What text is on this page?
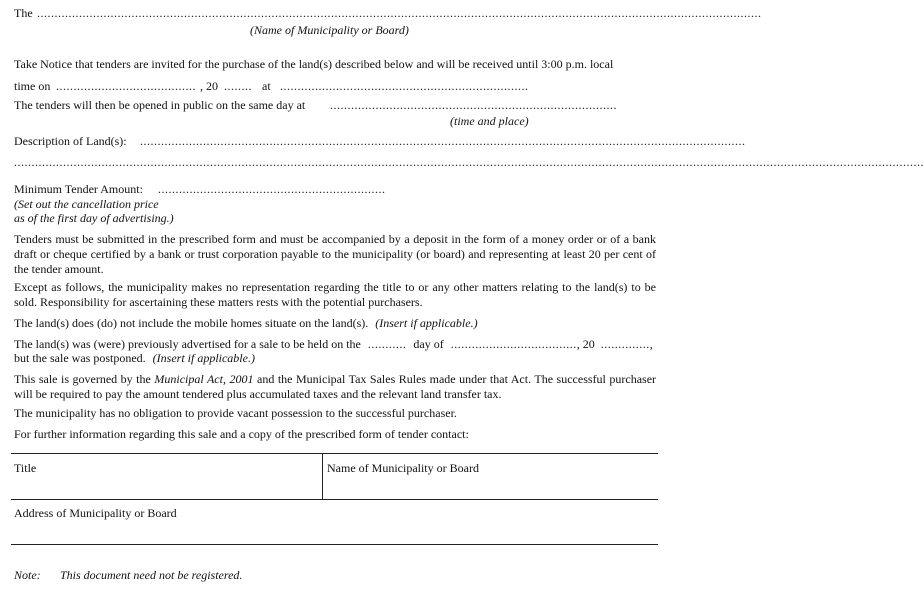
The ...............................................................................................................................................................................................................
(Name of Municipality or Board)
Take Notice that tenders are invited for the purchase of the land(s) described below and will be received until 3:00 p.m. local
time on ........................................ , 20 ........ at .......................................................................
The tenders will then be opened in public on the same day at ..................................................................................
(time and place)
Description of Land(s): .............................................................................................................................................................................
....................................................................................................................................................................................................................................................................
Minimum Tender Amount: .................................................................
(Set out the cancellation price
as of the first day of advertising.)
Tenders must be submitted in the prescribed form and must be accompanied by a deposit in the form of a money order or of a bank draft or cheque certified by a bank or trust corporation payable to the municipality (or board) and representing at least 20 per cent of the tender amount.
Except as follows, the municipality makes no representation regarding the title to or any other matters relating to the land(s) to be sold. Responsibility for ascertaining these matters rests with the potential purchasers.
The land(s) does (do) not include the mobile homes situate on the land(s). (Insert if applicable.)
The land(s) was (were) previously advertised for a sale to be held on the ........... day of ...................................., 20 ..............,
but the sale was postponed. (Insert if applicable.)
This sale is governed by the Municipal Act, 2001 and the Municipal Tax Sales Rules made under that Act. The successful purchaser will be required to pay the amount tendered plus accumulated taxes and the relevant land transfer tax.
The municipality has no obligation to provide vacant possession to the successful purchaser.
For further information regarding this sale and a copy of the prescribed form of tender contact:
Title	Name of Municipality or Board
Address of Municipality or Board
Note: This document need not be registered.
